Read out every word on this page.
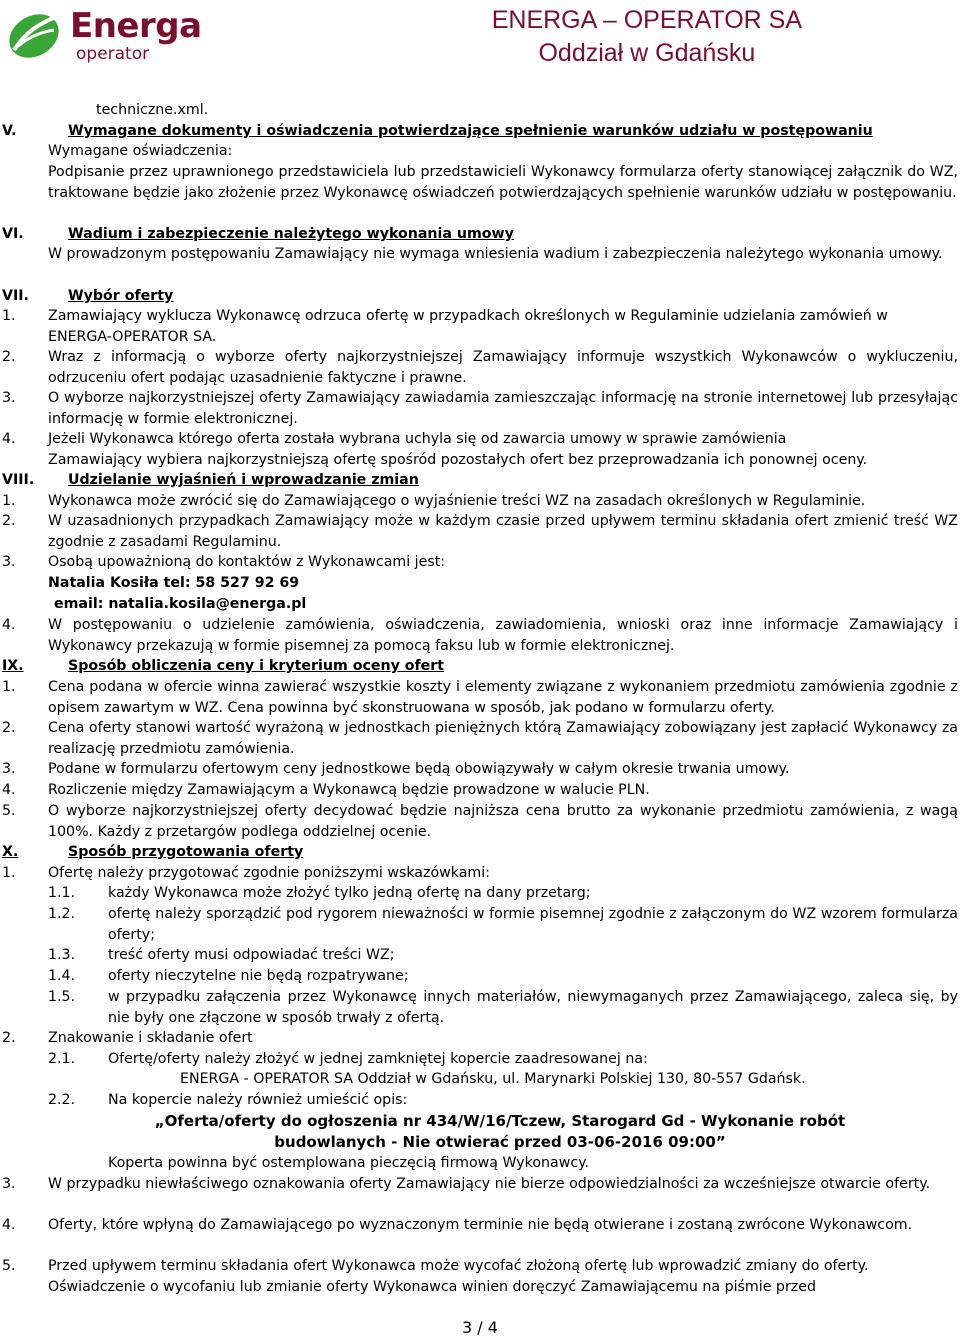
Energa
operator
ENERGA – OPERATOR SA
Oddział w Gdańsku
techniczne.xml.
V.	Wymagane dokumenty i oświadczenia potwierdzające spełnienie warunków udziału w postępowaniu
Wymagane oświadczenia:
Podpisanie przez uprawnionego przedstawiciela lub przedstawicieli Wykonawcy formularza oferty stanowiącej załącznik do WZ, traktowane będzie jako złożenie przez Wykonawcę oświadczeń potwierdzających spełnienie warunków udziału w postępowaniu.
VI.	Wadium i zabezpieczenie należytego wykonania umowy
W prowadzonym postępowaniu Zamawiający nie wymaga wniesienia wadium i zabezpieczenia należytego wykonania umowy.
VII.	Wybór oferty
1. Zamawiający wyklucza Wykonawcę odrzuca ofertę w przypadkach określonych w Regulaminie udzielania zamówień w ENERGA-OPERATOR SA.
2. Wraz z informacją o wyborze oferty najkorzystniejszej Zamawiający informuje wszystkich Wykonawców o wykluczeniu, odrzuceniu ofert podając uzasadnienie faktyczne i prawne.
3. O wyborze najkorzystniejszej oferty Zamawiający zawiadamia zamieszczając informację na stronie internetowej lub przesyłając informację w formie elektronicznej.
4. Jeżeli Wykonawca którego oferta została wybrana uchyla się od zawarcia umowy w sprawie zamówienia
Zamawiający wybiera najkorzystniejszą ofertę spośród pozostałych ofert bez przeprowadzania ich ponownej oceny.
VIII. Udzielanie wyjaśnień i wprowadzanie zmian
1. Wykonawca może zwrócić się do Zamawiającego o wyjaśnienie treści WZ na zasadach określonych w Regulaminie.
2. W uzasadnionych przypadkach Zamawiający może w każdym czasie przed upływem terminu składania ofert zmienić treść WZ zgodnie z zasadami Regulaminu.
3. Osobą upoważnioną do kontaktów z Wykonawcami jest:
Natalia Kosiła tel: 58 527 92 69
email: natalia.kosila@energa.pl
4. W postępowaniu o udzielenie zamówienia, oświadczenia, zawiadomienia, wnioski oraz inne informacje Zamawiający i Wykonawcy przekazują w formie pisemnej za pomocą faksu lub w formie elektronicznej.
IX.	Sposób obliczenia ceny i kryterium oceny ofert
1. Cena podana w ofercie winna zawierać wszystkie koszty i elementy związane z wykonaniem przedmiotu zamówienia zgodnie z opisem zawartym w WZ. Cena powinna być skonstruowana w sposób, jak podano w formularzu oferty.
2. Cena oferty stanowi wartość wyrażoną w jednostkach pieniężnych którą Zamawiający zobowiązany jest zapłacić Wykonawcy za realizację przedmiotu zamówienia.
3. Podane w formularzu ofertowym ceny jednostkowe będą obowiązywały w całym okresie trwania umowy.
4. Rozliczenie między Zamawiającym a Wykonawcą będzie prowadzone w walucie PLN.
5. O wyborze najkorzystniejszej oferty decydować będzie najniższa cena brutto za wykonanie przedmiotu zamówienia, z wagą 100%. Każdy z przetargów podlega oddzielnej ocenie.
X.	Sposób przygotowania oferty
1. Ofertę należy przygotować zgodnie poniższymi wskazówkami:
1.1. każdy Wykonawca może złożyć tylko jedną ofertę na dany przetarg;
1.2. ofertę należy sporządzić pod rygorem nieważności w formie pisemnej zgodnie z załączonym do WZ wzorem formularza oferty;
1.3. treść oferty musi odpowiadać treści WZ;
1.4. oferty nieczytelne nie będą rozpatrywane;
1.5. w przypadku załączenia przez Wykonawcę innych materiałów, niewymaganych przez Zamawiającego, zaleca się, by nie były one złączone w sposób trwały z ofertą.
2. Znakowanie i składanie ofert
2.1. Ofertę/oferty należy złożyć w jednej zamkniętej kopercie zaadresowanej na:
ENERGA - OPERATOR SA Oddział w Gdańsku, ul. Marynarki Polskiej 130, 80-557 Gdańsk.
2.2. Na kopercie należy również umieścić opis:
„Oferta/oferty do ogłoszenia nr 434/W/16/Tczew, Starogard Gd - Wykonanie robót
budowlanych - Nie otwierać przed 03-06-2016 09:00”
Koperta powinna być ostemplowana pieczęcią firmową Wykonawcy.
3. W przypadku niewłaściwego oznakowania oferty Zamawiający nie bierze odpowiedzialności za wcześniejsze otwarcie oferty.
4. Oferty, które wpłyną do Zamawiającego po wyznaczonym terminie nie będą otwierane i zostaną zwrócone Wykonawcom.
5. Przed upływem terminu składania ofert Wykonawca może wycofać złożoną ofertę lub wprowadzić zmiany do oferty. Oświadczenie o wycofaniu lub zmianie oferty Wykonawca winien doręczyć Zamawiającemu na piśmie przed
3 / 4
